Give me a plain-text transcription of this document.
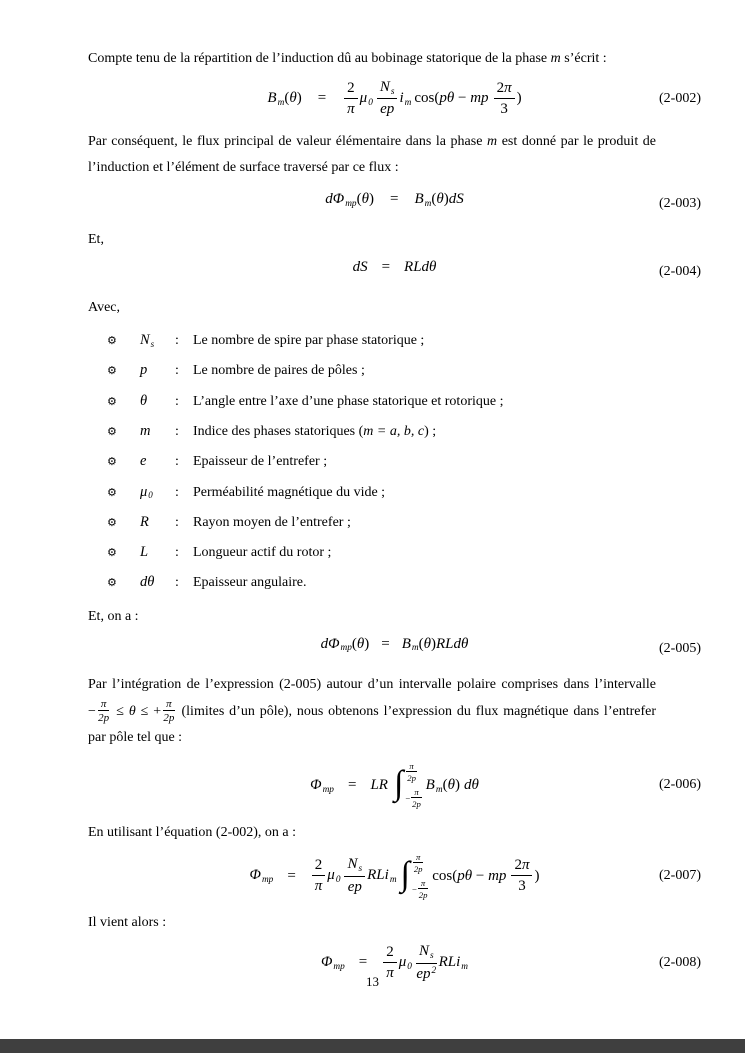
Compte tenu de la répartition de l’induction dû au bobinage statorique de la phase m s’écrit :

$B_m(\theta) = \frac{2}{\pi} \mu_0 \frac{N_s}{ep} i_m$ cos(pθ − mp $\frac{2\pi}{3}$ )	(2-002)

Par conséquent, le flux principal de valeur élémentaire dans la phase m est donné par le produit de l’induction et l’élément de surface traversé par ce flux :

$d\Phi_{mp}(\theta) = B_m(\theta)dS$	(2-003)

Et,

dS = RLdθ	(2-004)

Avec,

⚙	$N_s$	:	Le nombre de spire par phase statorique ;
⚙	p	:	Le nombre de paires de pôles ;
⚙	θ	:	L’angle entre l’axe d’une phase statorique et rotorique ;
⚙	m	:	Indice des phases statoriques (m = a, b, c) ;
⚙	e	:	Epaisseur de l’entrefer ;
⚙	$\mu_0$	:	Perméabilité magnétique du vide ;
⚙	R	:	Rayon moyen de l’entrefer ;
⚙	L	:	Longueur actif du rotor ;
⚙	dθ	:	Epaisseur angulaire.

Et, on a :

$d\Phi_{mp}(\theta) = B_m(\theta)RLd\theta$	(2-005)

Par l’intégration de l’expression (2-005) autour d’un intervalle polaire comprises dans l’intervalle − $\frac{\pi}{2p} \le \theta$ ≤ + $\frac{\pi}{2p}$ (limites d’un pôle), nous obtenons l’expression du flux magnétique dans l’entrefer par pôle tel que :

$\Phi_{mp}$ = LR ∫ $\frac{\pi}{2p}$
− $\frac{\pi}{2p}$
$B_m(\theta)$ dθ	(2-006)

En utilisant l’équation (2-002), on a :

$\Phi_{mp} = \frac{2}{\pi} \mu_0 \frac{N_s}{ep} RLi_m$ ∫ $\frac{\pi}{2p}$
− $\frac{\pi}{2p}$
cos(pθ − mp $\frac{2\pi}{3}$ )	(2-007)

Il vient alors :

$\Phi_{mp} = \frac{2}{\pi} \mu_0 \frac{N_s}{ep^2} RLi_m$	(2-008)
13
